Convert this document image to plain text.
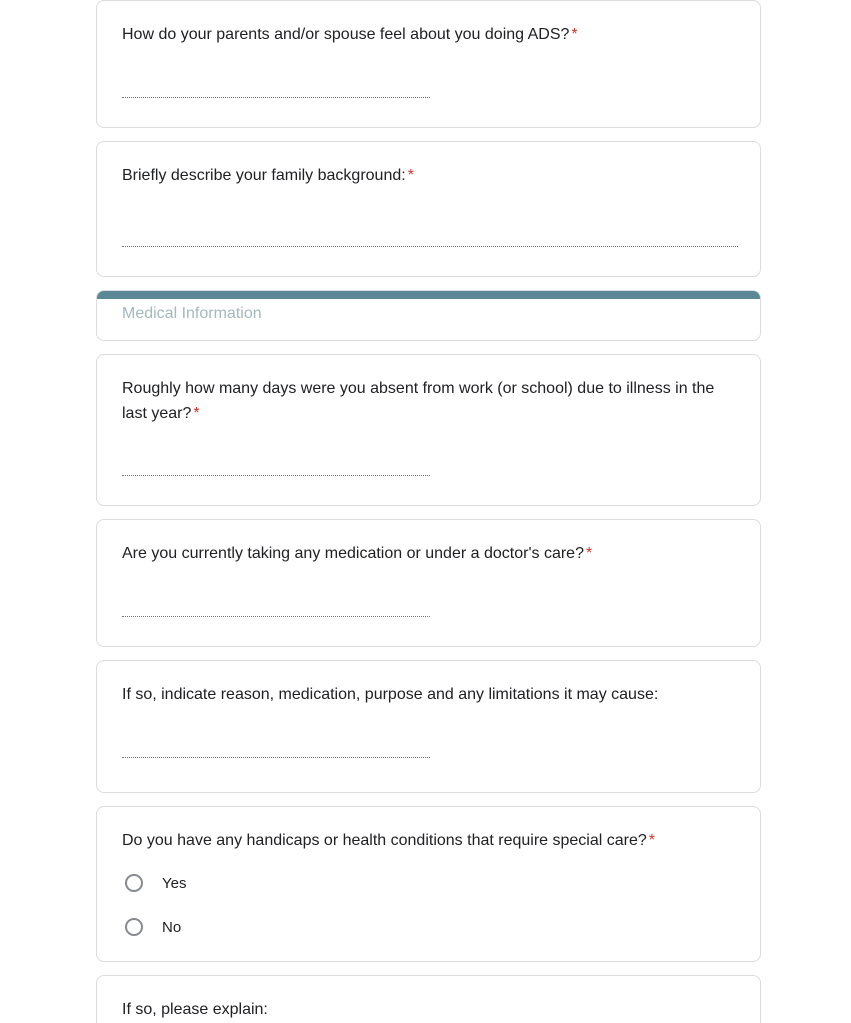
How do your parents and/or spouse feel about you doing ADS? *
Briefly describe your family background: *
Medical Information
Roughly how many days were you absent from work (or school) due to illness in the last year? *
Are you currently taking any medication or under a doctor's care? *
If so, indicate reason, medication, purpose and any limitations it may cause:
Do you have any handicaps or health conditions that require special care? *
Yes
No
If so, please explain:
